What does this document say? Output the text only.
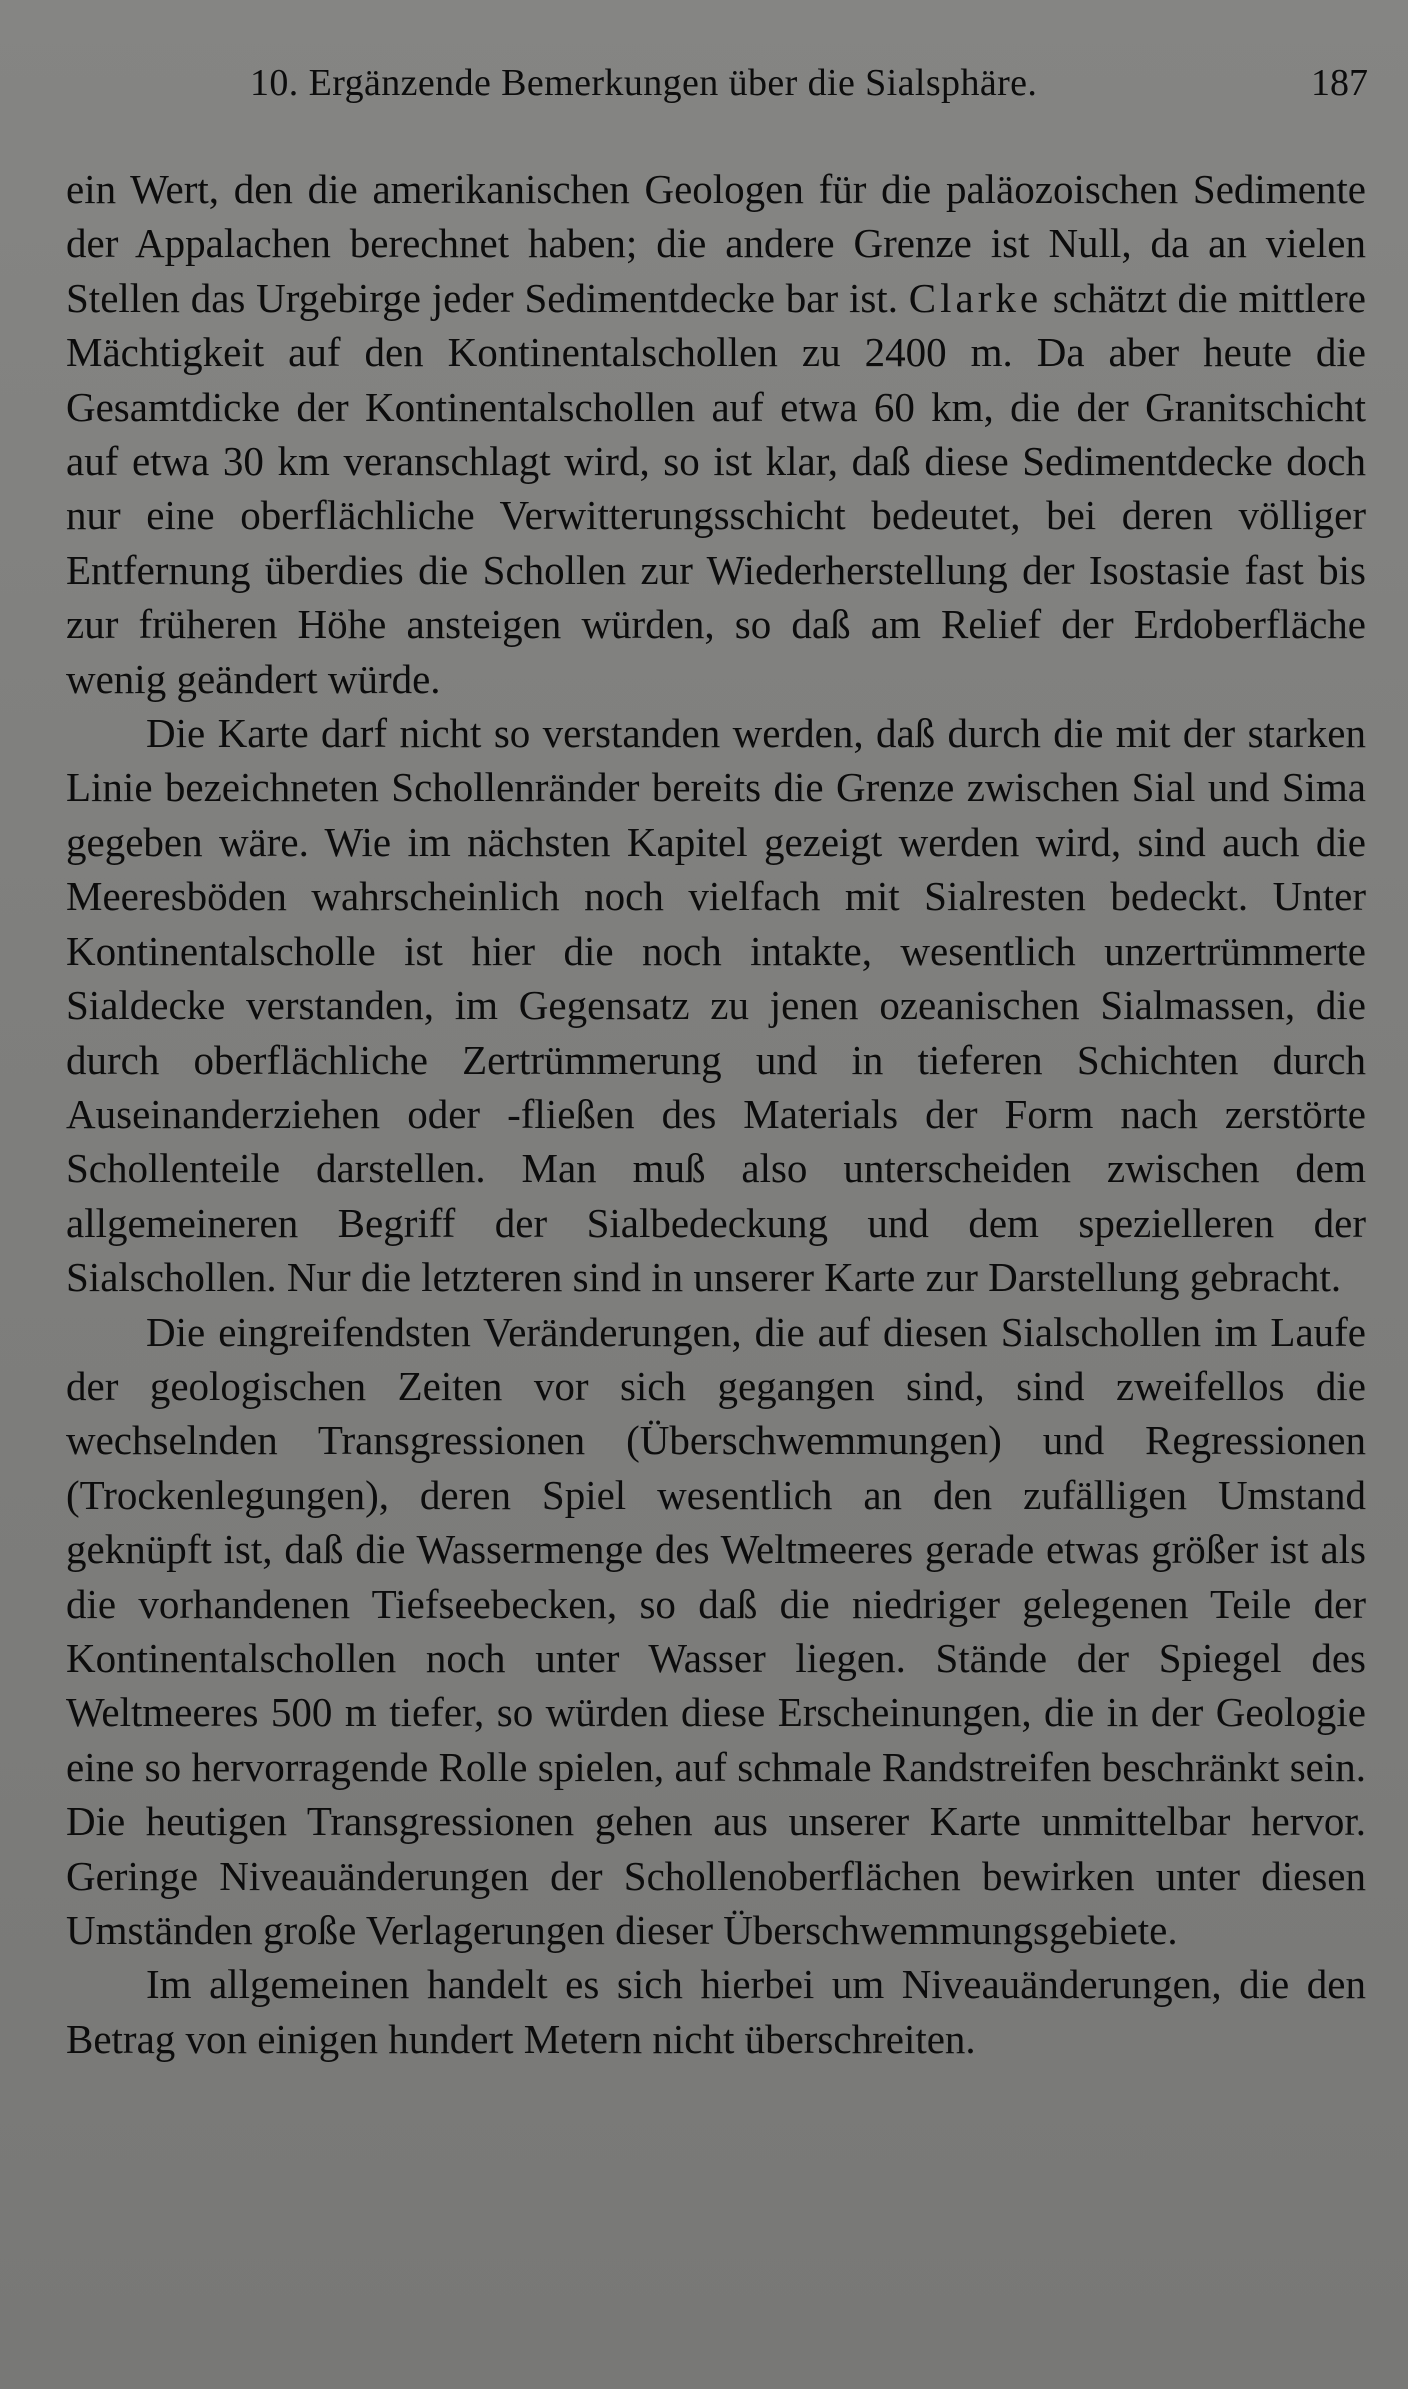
10. Ergänzende Bemerkungen über die Sialsphäre.	187

ein Wert, den die amerikanischen Geologen für die paläozoischen Sedimente der Appalachen berechnet haben; die andere Grenze ist Null, da an vielen Stellen das Urgebirge jeder Sedimentdecke bar ist. Clarke schätzt die mittlere Mächtigkeit auf den Kontinentalschollen zu 2400 m. Da aber heute die Gesamtdicke der Kontinentalschollen auf etwa 60 km, die der Granitschicht auf etwa 30 km veranschlagt wird, so ist klar, daß diese Sedimentdecke doch nur eine oberflächliche Verwitterungsschicht bedeutet, bei deren völliger Entfernung überdies die Schollen zur Wiederherstellung der Isostasie fast bis zur früheren Höhe ansteigen würden, so daß am Relief der Erdoberfläche wenig geändert würde.

Die Karte darf nicht so verstanden werden, daß durch die mit der starken Linie bezeichneten Schollenränder bereits die Grenze zwischen Sial und Sima gegeben wäre. Wie im nächsten Kapitel gezeigt werden wird, sind auch die Meeresböden wahrscheinlich noch vielfach mit Sialresten bedeckt. Unter Kontinentalscholle ist hier die noch intakte, wesentlich unzertrümmerte Sialdecke verstanden, im Gegensatz zu jenen ozeanischen Sialmassen, die durch oberflächliche Zertrümmerung und in tieferen Schichten durch Auseinanderziehen oder -fließen des Materials der Form nach zerstörte Schollenteile darstellen. Man muß also unterscheiden zwischen dem allgemeineren Begriff der Sialbedeckung und dem spezielleren der Sialschollen. Nur die letzteren sind in unserer Karte zur Darstellung gebracht.

Die eingreifendsten Veränderungen, die auf diesen Sialschollen im Laufe der geologischen Zeiten vor sich gegangen sind, sind zweifellos die wechselnden Transgressionen (Überschwemmungen) und Regressionen (Trockenlegungen), deren Spiel wesentlich an den zufälligen Umstand geknüpft ist, daß die Wassermenge des Weltmeeres gerade etwas größer ist als die vorhandenen Tiefseebecken, so daß die niedriger gelegenen Teile der Kontinentalschollen noch unter Wasser liegen. Stände der Spiegel des Weltmeeres 500 m tiefer, so würden diese Erscheinungen, die in der Geologie eine so hervorragende Rolle spielen, auf schmale Randstreifen beschränkt sein. Die heutigen Transgressionen gehen aus unserer Karte unmittelbar hervor. Geringe Niveauänderungen der Schollenoberflächen bewirken unter diesen Umständen große Verlagerungen dieser Überschwemmungsgebiete.

Im allgemeinen handelt es sich hierbei um Niveauänderungen, die den Betrag von einigen hundert Metern nicht überschreiten.
